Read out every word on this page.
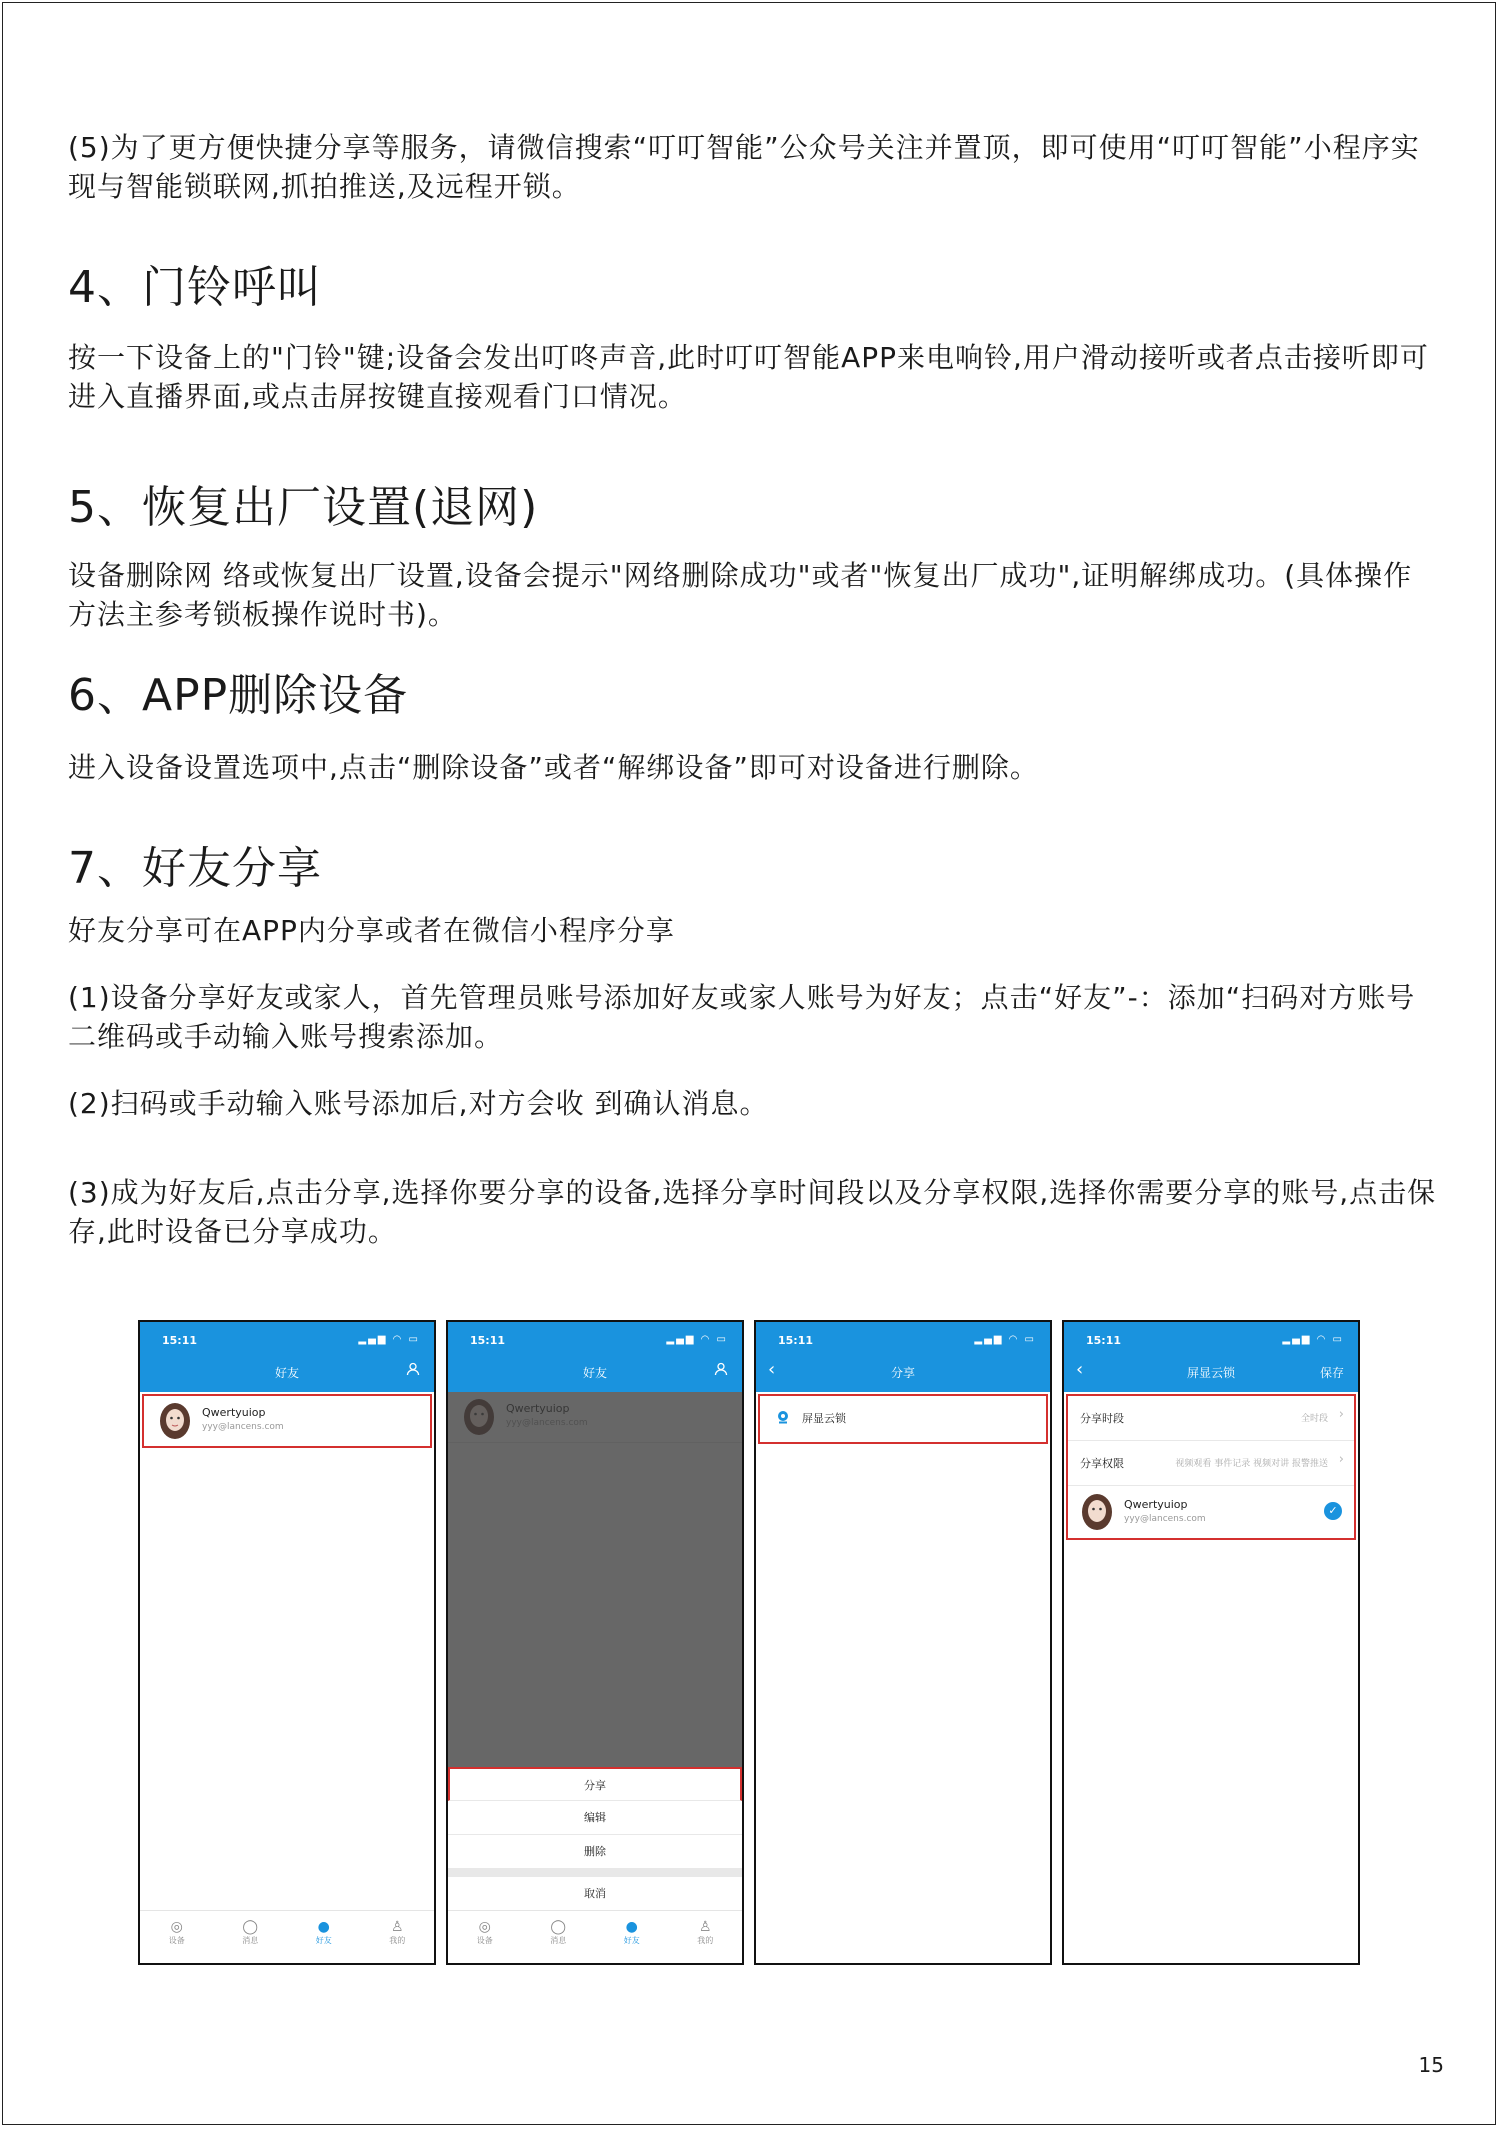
(5)为了更方便快捷分享等服务，请微信搜索“叮叮智能”公众号关注并置顶，即可使用“叮叮智能”小程序实现与智能锁联网,抓拍推送,及远程开锁。

4、门铃呼叫

按一下设备上的"门铃"键;设备会发出叮咚声音,此时叮叮智能APP来电响铃,用户滑动接听或者点击接听即可进入直播界面,或点击屏按键直接观看门口情况。

5、恢复出厂设置(退网)

设备删除网 络或恢复出厂设置,设备会提示"网络删除成功"或者"恢复出厂成功",证明解绑成功。(具体操作方法主参考锁板操作说时书)。

6、APP删除设备

进入设备设置选项中,点击“删除设备”或者“解绑设备”即可对设备进行删除。

7、好友分享

好友分享可在APP内分享或者在微信小程序分享

(1)设备分享好友或家人，首先管理员账号添加好友或家人账号为好友；点击“好友”-：添加“扫码对方账号二维码或手动输入账号搜索添加。

(2)扫码或手动输入账号添加后,对方会收 到确认消息。

(3)成为好友后,点击分享,选择你要分享的设备,选择分享时间段以及分享权限,选择你需要分享的账号,点击保存,此时设备已分享成功。

15:11	▂▄▆ ◠ ▭
好友
Qwertyuiop
yyy@lancens.com
◎
设备
◯
消息
●
好友
♙
我的
15:11	▂▄▆ ◠ ▭
好友
分享
编辑
删除
取消
◎
设备
◯
消息
●
好友
♙
我的
15:11	▂▄▆ ◠ ▭
‹	分享
屏显云锁
15:11	▂▄▆ ◠ ▭
‹	屏显云锁	保存
分享时段	全时段 ›
分享权限	视频观看 事件记录 视频对讲 报警推送 ›
Qwertyuiop
yyy@lancens.com
✓
15
